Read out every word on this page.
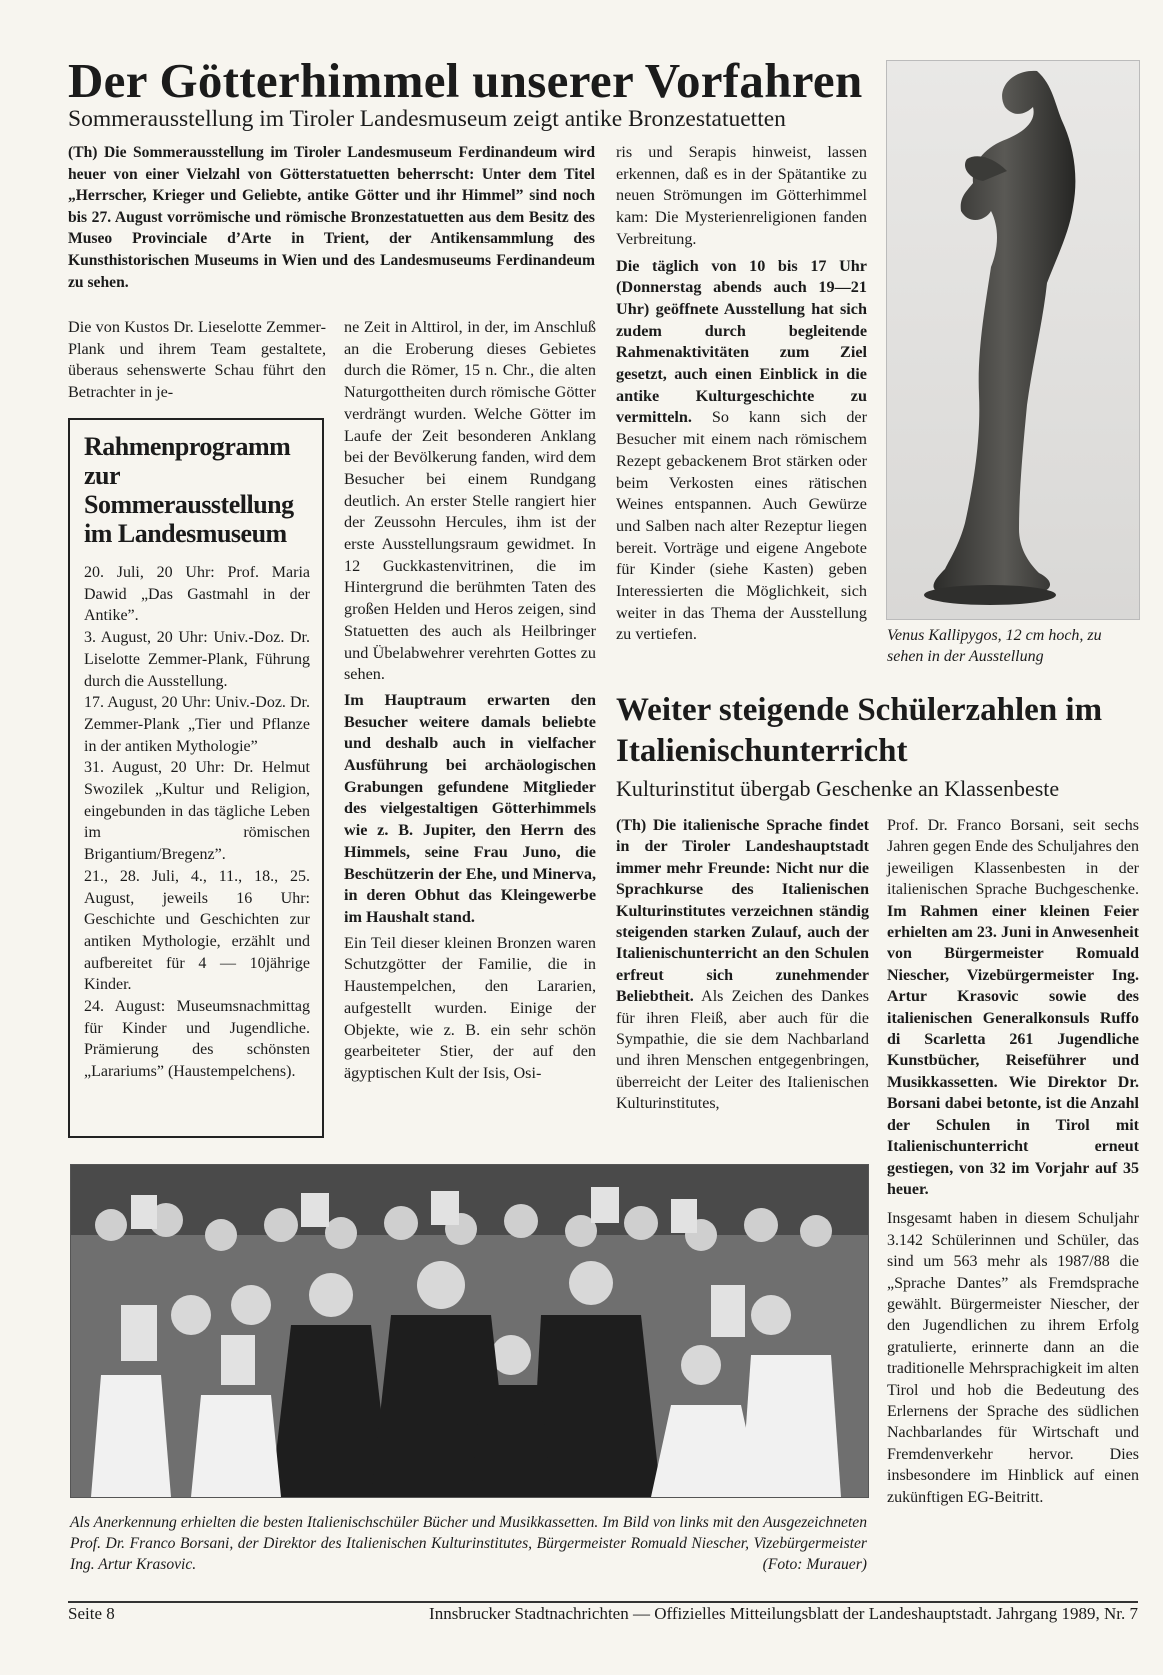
Der Götterhimmel unserer Vorfahren
Sommerausstellung im Tiroler Landesmuseum zeigt antike Bronzestatuetten

(Th) Die Sommerausstellung im Tiroler Landesmuseum Ferdinandeum wird heuer von einer Vielzahl von Götterstatuetten beherrscht: Unter dem Titel „Herrscher, Krieger und Geliebte, antike Götter und ihr Himmel” sind noch bis 27. August vorrömische und römische Bronzestatuetten aus dem Besitz des Museo Provinciale d’Arte in Trient, der Antikensammlung des Kunsthistorischen Museums in Wien und des Landesmuseums Ferdinandeum zu sehen.

Die von Kustos Dr. Lieselotte Zemmer-Plank und ihrem Team gestaltete, überaus sehenswerte Schau führt den Betrachter in je-

Rahmenprogramm zur Sommerausstellung im Landesmuseum

20. Juli, 20 Uhr: Prof. Maria Dawid „Das Gastmahl in der Antike”.
3. August, 20 Uhr: Univ.-Doz. Dr. Liselotte Zemmer-Plank, Führung durch die Ausstellung.
17. August, 20 Uhr: Univ.-Doz. Dr. Zemmer-Plank „Tier und Pflanze in der antiken Mythologie”
31. August, 20 Uhr: Dr. Helmut Swozilek „Kultur und Religion, eingebunden in das tägliche Leben im römischen Brigantium/Bregenz”.
21., 28. Juli, 4., 11., 18., 25. August, jeweils 16 Uhr: Geschichte und Geschichten zur antiken Mythologie, erzählt und aufbereitet für 4 — 10jährige Kinder.
24. August: Museumsnachmittag für Kinder und Jugendliche. Prämierung des schönsten „Larariums” (Haustempelchens).

ne Zeit in Alttirol, in der, im Anschluß an die Eroberung dieses Gebietes durch die Römer, 15 n. Chr., die alten Naturgottheiten durch römische Götter verdrängt wurden. Welche Götter im Laufe der Zeit besonderen Anklang bei der Bevölkerung fanden, wird dem Besucher bei einem Rundgang deutlich. An erster Stelle rangiert hier der Zeussohn Hercules, ihm ist der erste Ausstellungsraum gewidmet. In 12 Guckkastenvitrinen, die im Hintergrund die berühmten Taten des großen Helden und Heros zeigen, sind Statuetten des auch als Heilbringer und Übelabwehrer verehrten Gottes zu sehen.

Im Hauptraum erwarten den Besucher weitere damals beliebte und deshalb auch in vielfacher Ausführung bei archäologischen Grabungen gefundene Mitglieder des vielgestaltigen Götterhimmels wie z. B. Jupiter, den Herrn des Himmels, seine Frau Juno, die Beschützerin der Ehe, und Minerva, in deren Obhut das Kleingewerbe im Haushalt stand.

Ein Teil dieser kleinen Bronzen waren Schutzgötter der Familie, die in Haustempelchen, den Lararien, aufgestellt wurden. Einige der Objekte, wie z. B. ein sehr schön gearbeiteter Stier, der auf den ägyptischen Kult der Isis, Osi-

ris und Serapis hinweist, lassen erkennen, daß es in der Spätantike zu neuen Strömungen im Götterhimmel kam: Die Mysterienreligionen fanden Verbreitung.

Die täglich von 10 bis 17 Uhr (Donnerstag abends auch 19—21 Uhr) geöffnete Ausstellung hat sich zudem durch begleitende Rahmenaktivitäten zum Ziel gesetzt, auch einen Einblick in die antike Kulturgeschichte zu vermitteln. So kann sich der Besucher mit einem nach römischem Rezept gebackenem Brot stärken oder beim Verkosten eines rätischen Weines entspannen. Auch Gewürze und Salben nach alter Rezeptur liegen bereit. Vorträge und eigene Angebote für Kinder (siehe Kasten) geben Interessierten die Möglichkeit, sich weiter in das Thema der Ausstellung zu vertiefen.	Venus Kallipygos, 12 cm hoch, zu sehen in der Ausstellung
Weiter steigende Schülerzahlen im Italienischunterricht
Kulturinstitut übergab Geschenke an Klassenbeste

(Th) Die italienische Sprache findet in der Tiroler Landeshauptstadt immer mehr Freunde: Nicht nur die Sprachkurse des Italienischen Kulturinstitutes verzeichnen ständig steigenden starken Zulauf, auch der Italienischunterricht an den Schulen erfreut sich zunehmender Beliebtheit. Als Zeichen des Dankes für ihren Fleiß, aber auch für die Sympathie, die sie dem Nachbarland und ihren Menschen entgegenbringen, überreicht der Leiter des Italienischen Kulturinstitutes,

Prof. Dr. Franco Borsani, seit sechs Jahren gegen Ende des Schuljahres den jeweiligen Klassenbesten in der italienischen Sprache Buchgeschenke. Im Rahmen einer kleinen Feier erhielten am 23. Juni in Anwesenheit von Bürgermeister Romuald Niescher, Vizebürgermeister Ing. Artur Krasovic sowie des italienischen Generalkonsuls Ruffo di Scarletta 261 Jugendliche Kunstbücher, Reiseführer und Musikkassetten. Wie Direktor Dr. Borsani dabei betonte, ist die Anzahl der Schulen in Tirol mit Italienischunterricht erneut gestiegen, von 32 im Vorjahr auf 35 heuer.

Insgesamt haben in diesem Schuljahr 3.142 Schülerinnen und Schüler, das sind um 563 mehr als 1987/88 die „Sprache Dantes” als Fremdsprache gewählt. Bürgermeister Niescher, der den Jugendlichen zu ihrem Erfolg gratulierte, erinnerte dann an die traditionelle Mehrsprachigkeit im alten Tirol und hob die Bedeutung des Erlernens der Sprache des südlichen Nachbarlandes für Wirtschaft und Fremdenverkehr hervor. Dies insbesondere im Hinblick auf einen zukünftigen EG-Beitritt.

Als Anerkennung erhielten die besten Italienischschüler Bücher und Musikkassetten. Im Bild von links mit den Ausgezeichneten Prof. Dr. Franco Borsani, der Direktor des Italienischen Kulturinstitutes, Bürgermeister Romuald Niescher, Vizebürgermeister Ing. Artur Krasovic.	(Foto: Murauer)
Seite 8	Innsbrucker Stadtnachrichten — Offizielles Mitteilungsblatt der Landeshauptstadt. Jahrgang 1989, Nr. 7
